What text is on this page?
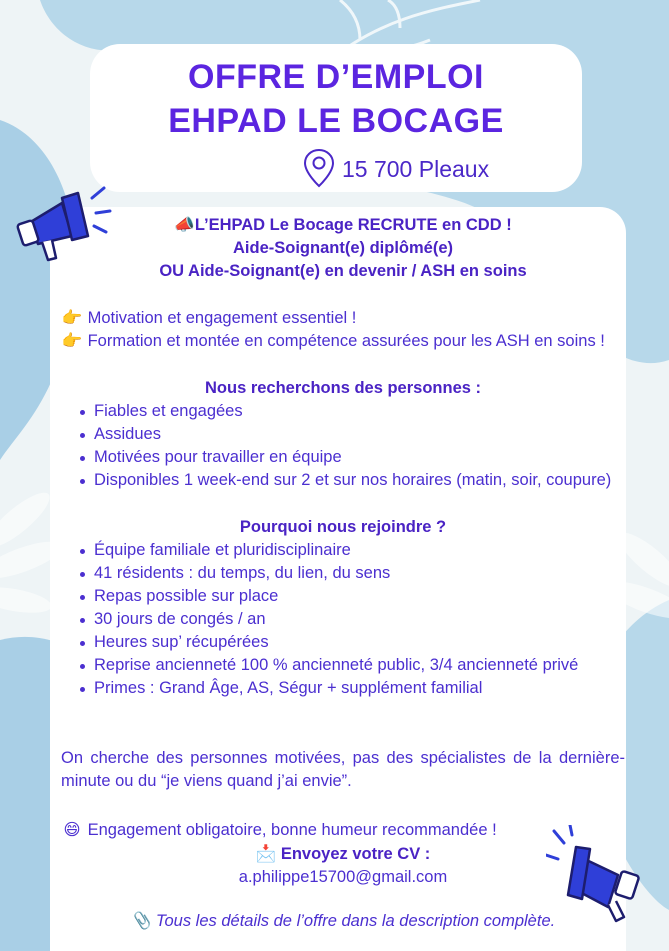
OFFRE D’EMPLOI
EHPAD LE BOCAGE
15 700 Pleaux
📣L’EHPAD Le Bocage RECRUTE en CDD !
Aide-Soignant(e) diplômé(e)
OU Aide-Soignant(e) en devenir / ASH en soins
👉 Motivation et engagement essentiel !
👉 Formation et montée en compétence assurées pour les ASH en soins !
Nous recherchons des personnes :
Fiables et engagées
Assidues
Motivées pour travailler en équipe
Disponibles 1 week-end sur 2 et sur nos horaires (matin, soir, coupure)
Pourquoi nous rejoindre ?
Équipe familiale et pluridisciplinaire
41 résidents : du temps, du lien, du sens
Repas possible sur place
30 jours de congés / an
Heures sup’ récupérées
Reprise ancienneté 100 % ancienneté public, 3/4 ancienneté privé
Primes : Grand Âge, AS, Ségur + supplément familial
On cherche des personnes motivées, pas des spécialistes de la dernière-minute ou du “je viens quand j’ai envie”.
😄 Engagement obligatoire, bonne humeur recommandée !
📩 Envoyez votre CV :
a.philippe15700@gmail.com
📎 Tous les détails de l’offre dans la description complète.
